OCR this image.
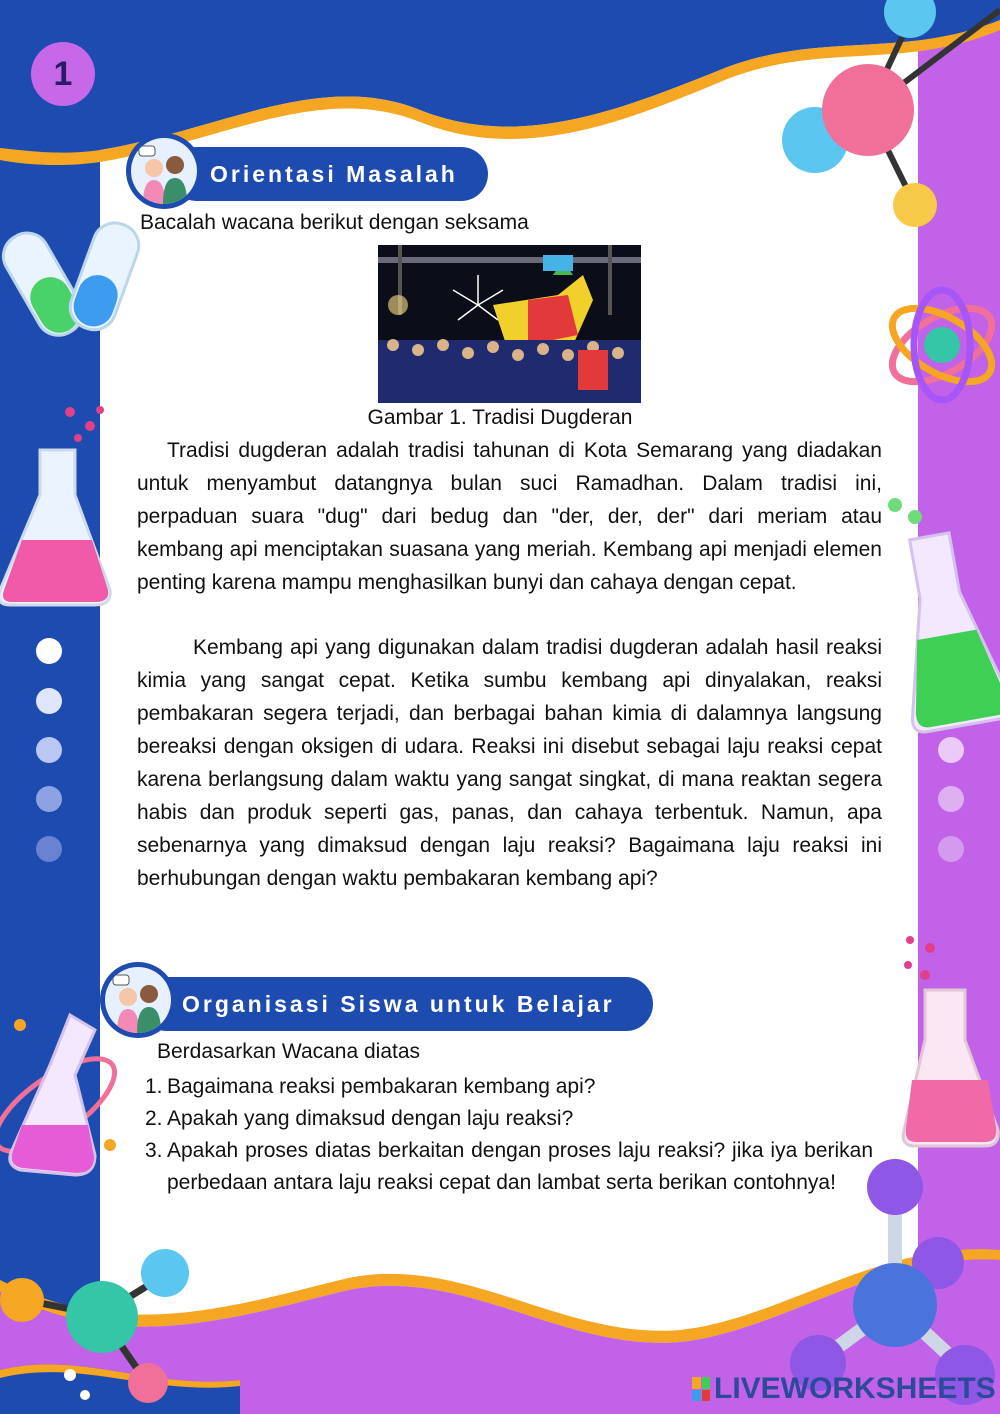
1
Orientasi Masalah
Bacalah wacana berikut dengan seksama
Gambar 1. Tradisi Dugderan
Tradisi dugderan adalah tradisi tahunan di Kota Semarang yang diadakan untuk menyambut datangnya bulan suci Ramadhan. Dalam tradisi ini, perpaduan suara "dug" dari bedug dan "der, der, der" dari meriam atau kembang api menciptakan suasana yang meriah. Kembang api menjadi elemen penting karena mampu menghasilkan bunyi dan cahaya dengan cepat.
Kembang api yang digunakan dalam tradisi dugderan adalah hasil reaksi kimia yang sangat cepat. Ketika sumbu kembang api dinyalakan, reaksi pembakaran segera terjadi, dan berbagai bahan kimia di dalamnya langsung bereaksi dengan oksigen di udara. Reaksi ini disebut sebagai laju reaksi cepat karena berlangsung dalam waktu yang sangat singkat, di mana reaktan segera habis dan produk seperti gas, panas, dan cahaya terbentuk. Namun, apa sebenarnya yang dimaksud dengan laju reaksi? Bagaimana laju reaksi ini berhubungan dengan waktu pembakaran kembang api?
Organisasi Siswa untuk Belajar
Berdasarkan Wacana diatas
1. Bagaimana reaksi pembakaran kembang api?
2. Apakah yang dimaksud dengan laju reaksi?
3. Apakah proses diatas berkaitan dengan proses laju reaksi? jika iya berikan perbedaan antara laju reaksi cepat dan lambat serta berikan contohnya!
LIVEWORKSHEETS
